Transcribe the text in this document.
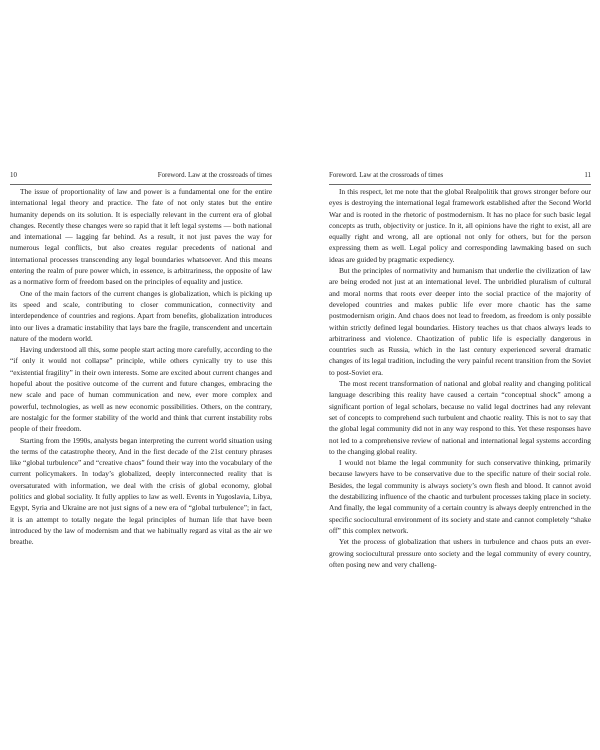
10	Foreword. Law at the crossroads of times

The issue of proportionality of law and power is a fundamental one for the entire international legal theory and practice. The fate of not only states but the entire humanity depends on its solution. It is especially relevant in the current era of global changes. Recently these changes were so rapid that it left legal systems — both national and international — lagging far behind. As a result, it not just paves the way for numerous legal conflicts, but also creates regular precedents of national and international processes transcending any legal boundaries whatsoever. And this means entering the realm of pure power which, in essence, is arbitrariness, the opposite of law as a normative form of freedom based on the principles of equality and justice.

One of the main factors of the current changes is globalization, which is picking up its speed and scale, contributing to closer communication, connectivity and interdependence of countries and regions. Apart from benefits, globalization introduces into our lives a dramatic instability that lays bare the fragile, transcendent and uncertain nature of the modern world.

Having understood all this, some people start acting more carefully, according to the “if only it would not collapse” principle, while others cynically try to use this “existential fragility” in their own interests. Some are excited about current changes and hopeful about the positive outcome of the current and future changes, embracing the new scale and pace of human communication and new, ever more complex and powerful, technologies, as well as new economic possibilities. Others, on the contrary, are nostalgic for the former stability of the world and think that current instability robs people of their freedom.

Starting from the 1990s, analysts began interpreting the current world situation using the terms of the catastrophe theory, And in the first decade of the 21st century phrases like “global turbulence” and “creative chaos” found their way into the vocabulary of the current policymakers. In today’s globalized, deeply interconnected reality that is oversaturated with information, we deal with the crisis of global economy, global politics and global sociality. It fully applies to law as well. Events in Yugoslavia, Libya, Egypt, Syria and Ukraine are not just signs of a new era of “global turbulence”; in fact, it is an attempt to totally negate the legal principles of human life that have been introduced by the law of modernism and that we habitually regard as vital as the air we breathe.

Foreword. Law at the crossroads of times	11

In this respect, let me note that the global Realpolitik that grows stronger before our eyes is destroying the international legal framework established after the Second World War and is rooted in the rhetoric of postmodernism. It has no place for such basic legal concepts as truth, objectivity or justice. In it, all opinions have the right to exist, all are equally right and wrong, all are optional not only for others, but for the person expressing them as well. Legal policy and corresponding lawmaking based on such ideas are guided by pragmatic expediency.

But the principles of normativity and humanism that underlie the civilization of law are being eroded not just at an international level. The unbridled pluralism of cultural and moral norms that roots ever deeper into the social practice of the majority of developed countries and makes public life ever more chaotic has the same postmodernism origin. And chaos does not lead to freedom, as freedom is only possible within strictly defined legal boundaries. History teaches us that chaos always leads to arbitrariness and violence. Chaotization of public life is especially dangerous in countries such as Russia, which in the last century experienced several dramatic changes of its legal tradition, including the very painful recent transition from the Soviet to post-Soviet era.

The most recent transformation of national and global reality and changing political language describing this reality have caused a certain “conceptual shock” among a significant portion of legal scholars, because no valid legal doctrines had any relevant set of concepts to comprehend such turbulent and chaotic reality. This is not to say that the global legal community did not in any way respond to this. Yet these responses have not led to a comprehensive review of national and international legal systems according to the changing global reality.

I would not blame the legal community for such conservative thinking, primarily because lawyers have to be conservative due to the specific nature of their social role. Besides, the legal community is always society’s own flesh and blood. It cannot avoid the destabilizing influence of the chaotic and turbulent processes taking place in society. And finally, the legal community of a certain country is always deeply entrenched in the specific sociocultural environment of its society and state and cannot completely “shake off” this complex network.

Yet the process of globalization that ushers in turbulence and chaos puts an ever-growing sociocultural pressure onto society and the legal community of every country, often posing new and very challeng-
